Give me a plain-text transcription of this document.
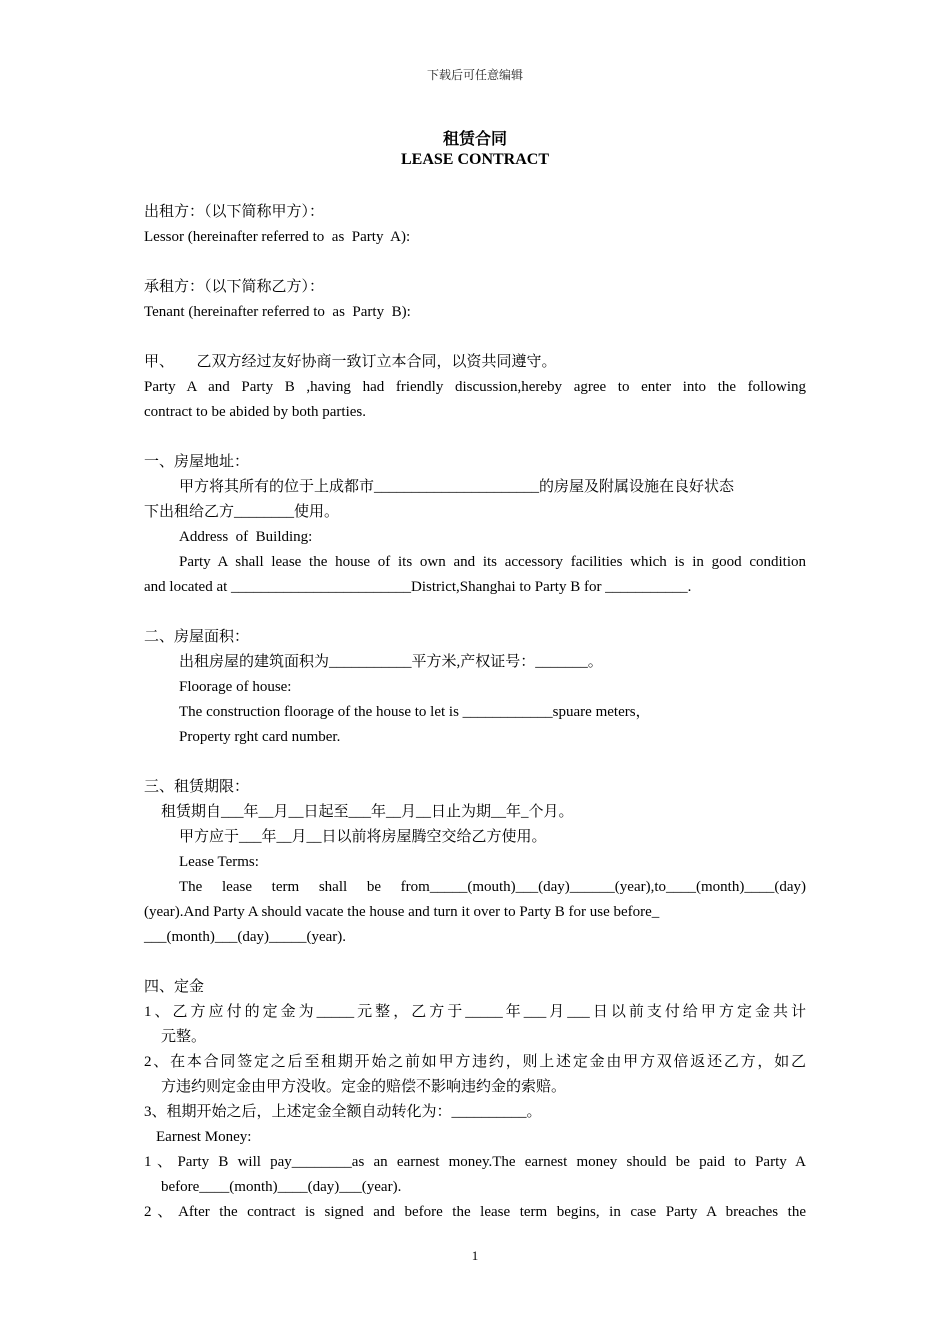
下载后可任意编辑
租赁合同
LEASE CONTRACT
出租方：（以下简称甲方）：
Lessor (hereinafter referred to  as  Party  A):
承租方：（以下简称乙方）：
Tenant (hereinafter referred to  as  Party  B):
甲、      乙双方经过友好协商一致订立本合同，以资共同遵守。
Party A and Party B ,having had friendly discussion,hereby agree to enter into the following
contract to be abided by both parties.
一、房屋地址：
甲方将其所有的位于上成都市______________________的房屋及附属设施在良好状态
下出租给乙方________使用。
Address  of  Building:
Party A shall lease the house of its own and its accessory facilities which is in good condition
and located at ________________________District,Shanghai to Party B for ___________.
二、房屋面积：
出租房屋的建筑面积为___________平方米,产权证号：_______。
Floorage of house:
The construction floorage of the house to let is ____________spuare meters，
Property rght card number.
三、租赁期限：
租赁期自___年__月__日起至___年__月__日止为期__年_个月。
甲方应于___年__月__日以前将房屋腾空交给乙方使用。
Lease Terms:
The lease term shall be from_____(mouth)___(day)______(year),to____(month)____(day)
(year).And Party A should vacate the house and turn it over to Party B for use before_
___(month)___(day)_____(year).
四、定金
1、乙方应付的定金为_____元整，乙方于_____年___月___日以前支付给甲方定金共计
元整。
2、在本合同签定之后至租期开始之前如甲方违约，则上述定金由甲方双倍返还乙方，如乙
方违约则定金由甲方没收。定金的赔偿不影响违约金的索赔。
3、租期开始之后，上述定金全额自动转化为：__________。
Earnest Money:
1、Party B will pay________as an earnest money.The earnest money should be paid to Party A
before____(month)____(day)___(year).
2、After the contract is signed and before the lease term begins, in case Party A breaches the
1
